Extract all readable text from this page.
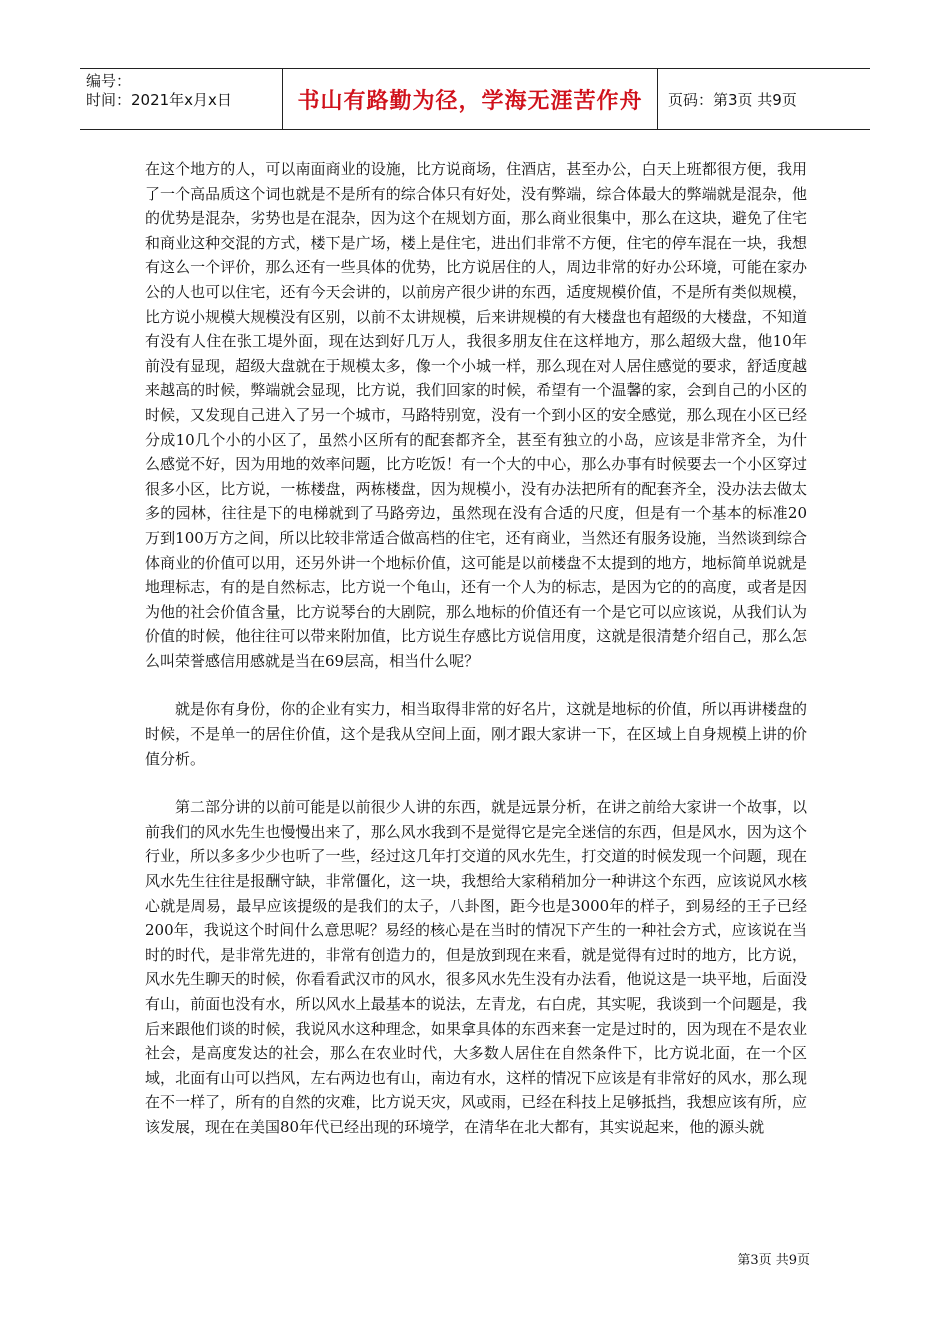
编号：
时间：2021年x月x日	书山有路勤为径，学海无涯苦作舟	页码：第3页 共9页

在这个地方的人，可以南面商业的设施，比方说商场，住酒店，甚至办公，白天上班都很方便，我用了一个高品质这个词也就是不是所有的综合体只有好处，没有弊端，综合体最大的弊端就是混杂，他的优势是混杂，劣势也是在混杂，因为这个在规划方面，那么商业很集中，那么在这块，避免了住宅和商业这种交混的方式，楼下是广场，楼上是住宅，进出们非常不方便，住宅的停车混在一块，我想有这么一个评价，那么还有一些具体的优势，比方说居住的人，周边非常的好办公环境，可能在家办公的人也可以住宅，还有今天会讲的，以前房产很少讲的东西，适度规模价值，不是所有类似规模，比方说小规模大规模没有区别，以前不太讲规模，后来讲规模的有大楼盘也有超级的大楼盘，不知道有没有人住在张工堤外面，现在达到好几万人，我很多朋友住在这样地方，那么超级大盘，他10年前没有显现，超级大盘就在于规模太多，像一个小城一样，那么现在对人居住感觉的要求，舒适度越来越高的时候，弊端就会显现，比方说，我们回家的时候，希望有一个温馨的家，会到自己的小区的时候，又发现自己进入了另一个城市，马路特别宽，没有一个到小区的安全感觉，那么现在小区已经分成10几个小的小区了，虽然小区所有的配套都齐全，甚至有独立的小岛，应该是非常齐全，为什么感觉不好，因为用地的效率问题，比方吃饭！有一个大的中心，那么办事有时候要去一个小区穿过很多小区，比方说，一栋楼盘，两栋楼盘，因为规模小，没有办法把所有的配套齐全，没办法去做太多的园林，往往是下的电梯就到了马路旁边，虽然现在没有合适的尺度，但是有一个基本的标准20万到100万方之间，所以比较非常适合做高档的住宅，还有商业，当然还有服务设施，当然谈到综合体商业的价值可以用，还另外讲一个地标价值，这可能是以前楼盘不太提到的地方，地标简单说就是地理标志，有的是自然标志，比方说一个龟山，还有一个人为的标志，是因为它的的高度，或者是因为他的社会价值含量，比方说琴台的大剧院，那么地标的价值还有一个是它可以应该说，从我们认为价值的时候，他往往可以带来附加值，比方说生存感比方说信用度，这就是很清楚介绍自己，那么怎么叫荣誉感信用感就是当在69层高，相当什么呢？

就是你有身份，你的企业有实力，相当取得非常的好名片，这就是地标的价值，所以再讲楼盘的时候，不是单一的居住价值，这个是我从空间上面，刚才跟大家讲一下，在区域上自身规模上讲的价值分析。

第二部分讲的以前可能是以前很少人讲的东西，就是远景分析，在讲之前给大家讲一个故事，以前我们的风水先生也慢慢出来了，那么风水我到不是觉得它是完全迷信的东西，但是风水，因为这个行业，所以多多少少也听了一些，经过这几年打交道的风水先生，打交道的时候发现一个问题，现在风水先生往往是报酬守缺，非常僵化，这一块，我想给大家稍稍加分一种讲这个东西，应该说风水核心就是周易，最早应该提级的是我们的太子，八卦图，距今也是3000年的样子，到易经的王子已经200年，我说这个时间什么意思呢？易经的核心是在当时的情况下产生的一种社会方式，应该说在当时的时代，是非常先进的，非常有创造力的，但是放到现在来看，就是觉得有过时的地方，比方说，风水先生聊天的时候，你看看武汉市的风水，很多风水先生没有办法看，他说这是一块平地，后面没有山，前面也没有水，所以风水上最基本的说法，左青龙，右白虎，其实呢，我谈到一个问题是，我后来跟他们谈的时候，我说风水这种理念，如果拿具体的东西来套一定是过时的，因为现在不是农业社会，是高度发达的社会，那么在农业时代，大多数人居住在自然条件下，比方说北面，在一个区域，北面有山可以挡风，左右两边也有山，南边有水，这样的情况下应该是有非常好的风水，那么现在不一样了，所有的自然的灾难，比方说天灾，风或雨，已经在科技上足够抵挡，我想应该有所，应该发展，现在在美国80年代已经出现的环境学，在清华在北大都有，其实说起来，他的源头就

第3页 共9页
